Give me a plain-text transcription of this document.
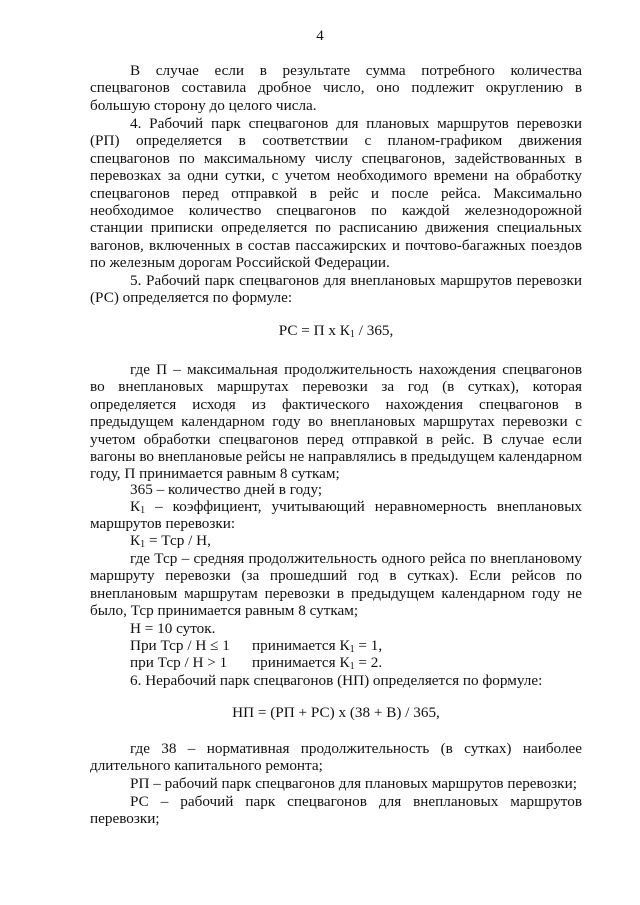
4

В случае если в результате сумма потребного количества спецвагонов составила дробное число, оно подлежит округлению в большую сторону до целого числа.

4. Рабочий парк спецвагонов для плановых маршрутов перевозки (РП) определяется в соответствии с планом-графиком движения спецвагонов по максимальному числу спецвагонов, задействованных в перевозках за одни сутки, с учетом необходимого времени на обработку спецвагонов перед отправкой в рейс и после рейса. Максимально необходимое количество спецвагонов по каждой железнодорожной станции приписки определяется по расписанию движения специальных вагонов, включенных в состав пассажирских и почтово-багажных поездов по железным дорогам Российской Федерации.

5. Рабочий парк спецвагонов для внеплановых маршрутов перевозки (РС) определяется по формуле:

РС = П х $К_1 / 365$,

где П – максимальная продолжительность нахождения спецвагонов во внеплановых маршрутах перевозки за год (в сутках), которая определяется исходя из фактического нахождения спецвагонов в предыдущем календарном году во внеплановых маршрутах перевозки с учетом обработки спецвагонов перед отправкой в рейс. В случае если вагоны во внеплановые рейсы не направлялись в предыдущем календарном году, П принимается равным 8 суткам;

365 – количество дней в году;

$К_1$ – коэффициент, учитывающий неравномерность внеплановых маршрутов перевозки:

$К_1$ = Тср / Н,

где Тср – средняя продолжительность одного рейса по внеплановому маршруту перевозки (за прошедший год в сутках). Если рейсов по внеплановым маршрутам перевозки в предыдущем календарном году не было, Тср принимается равным 8 суткам;

Н = 10 суток.

При Тср / Н ≤ 1 принимается $К_1 = 1$,
при Тср / Н > 1 принимается $К_1 = 2$.

6. Нерабочий парк спецвагонов (НП) определяется по формуле:

НП = (РП + РС) х (38 + В) / 365,

где 38 – нормативная продолжительность (в сутках) наиболее длительного капитального ремонта;

РП – рабочий парк спецвагонов для плановых маршрутов перевозки;

РС – рабочий парк спецвагонов для внеплановых маршрутов перевозки;
